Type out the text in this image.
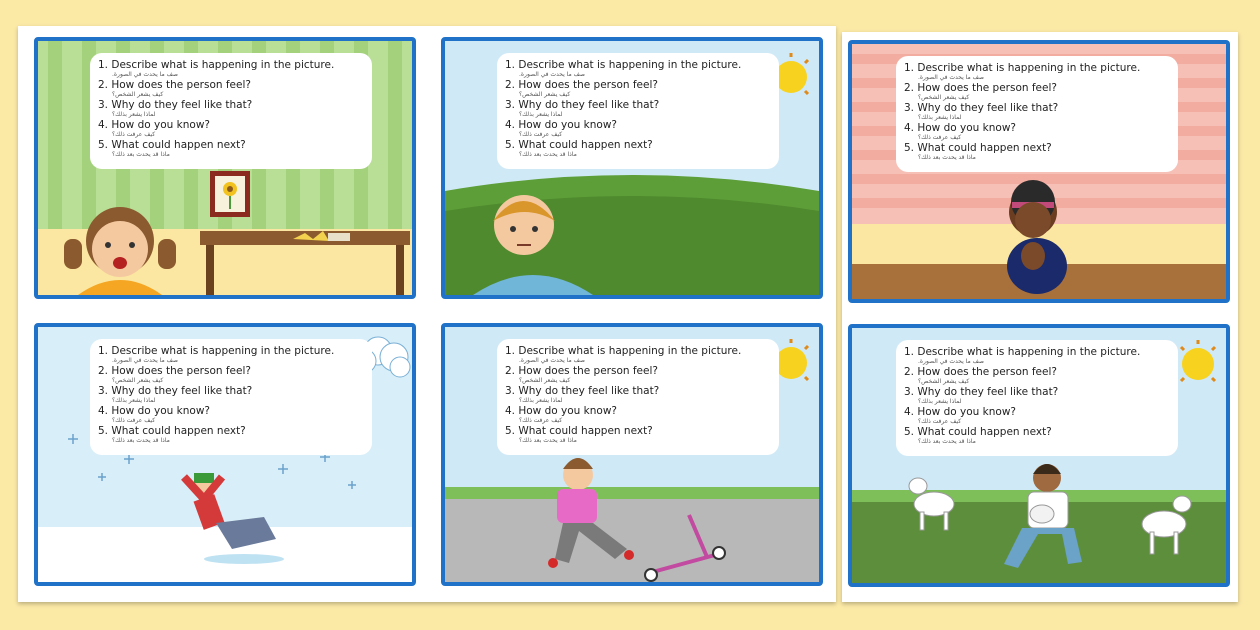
1. Describe what is happening in the picture.
صف ما يحدث في الصورة.
2. How does the person feel?
كيف يشعر الشخص؟
3. Why do they feel like that?
لماذا يشعر بذلك؟
4. How do you know?
كيف عرفت ذلك؟
5. What could happen next?
ماذا قد يحدث بعد ذلك؟
1. Describe what is happening in the picture.
صف ما يحدث في الصورة.
2. How does the person feel?
كيف يشعر الشخص؟
3. Why do they feel like that?
لماذا يشعر بذلك؟
4. How do you know?
كيف عرفت ذلك؟
5. What could happen next?
ماذا قد يحدث بعد ذلك؟
1. Describe what is happening in the picture.
صف ما يحدث في الصورة.
2. How does the person feel?
كيف يشعر الشخص؟
3. Why do they feel like that?
لماذا يشعر بذلك؟
4. How do you know?
كيف عرفت ذلك؟
5. What could happen next?
ماذا قد يحدث بعد ذلك؟
1. Describe what is happening in the picture.
صف ما يحدث في الصورة.
2. How does the person feel?
كيف يشعر الشخص؟
3. Why do they feel like that?
لماذا يشعر بذلك؟
4. How do you know?
كيف عرفت ذلك؟
5. What could happen next?
ماذا قد يحدث بعد ذلك؟
1. Describe what is happening in the picture.
صف ما يحدث في الصورة.
2. How does the person feel?
كيف يشعر الشخص؟
3. Why do they feel like that?
لماذا يشعر بذلك؟
4. How do you know?
كيف عرفت ذلك؟
5. What could happen next?
ماذا قد يحدث بعد ذلك؟
1. Describe what is happening in the picture.
صف ما يحدث في الصورة.
2. How does the person feel?
كيف يشعر الشخص؟
3. Why do they feel like that?
لماذا يشعر بذلك؟
4. How do you know?
كيف عرفت ذلك؟
5. What could happen next?
ماذا قد يحدث بعد ذلك؟
